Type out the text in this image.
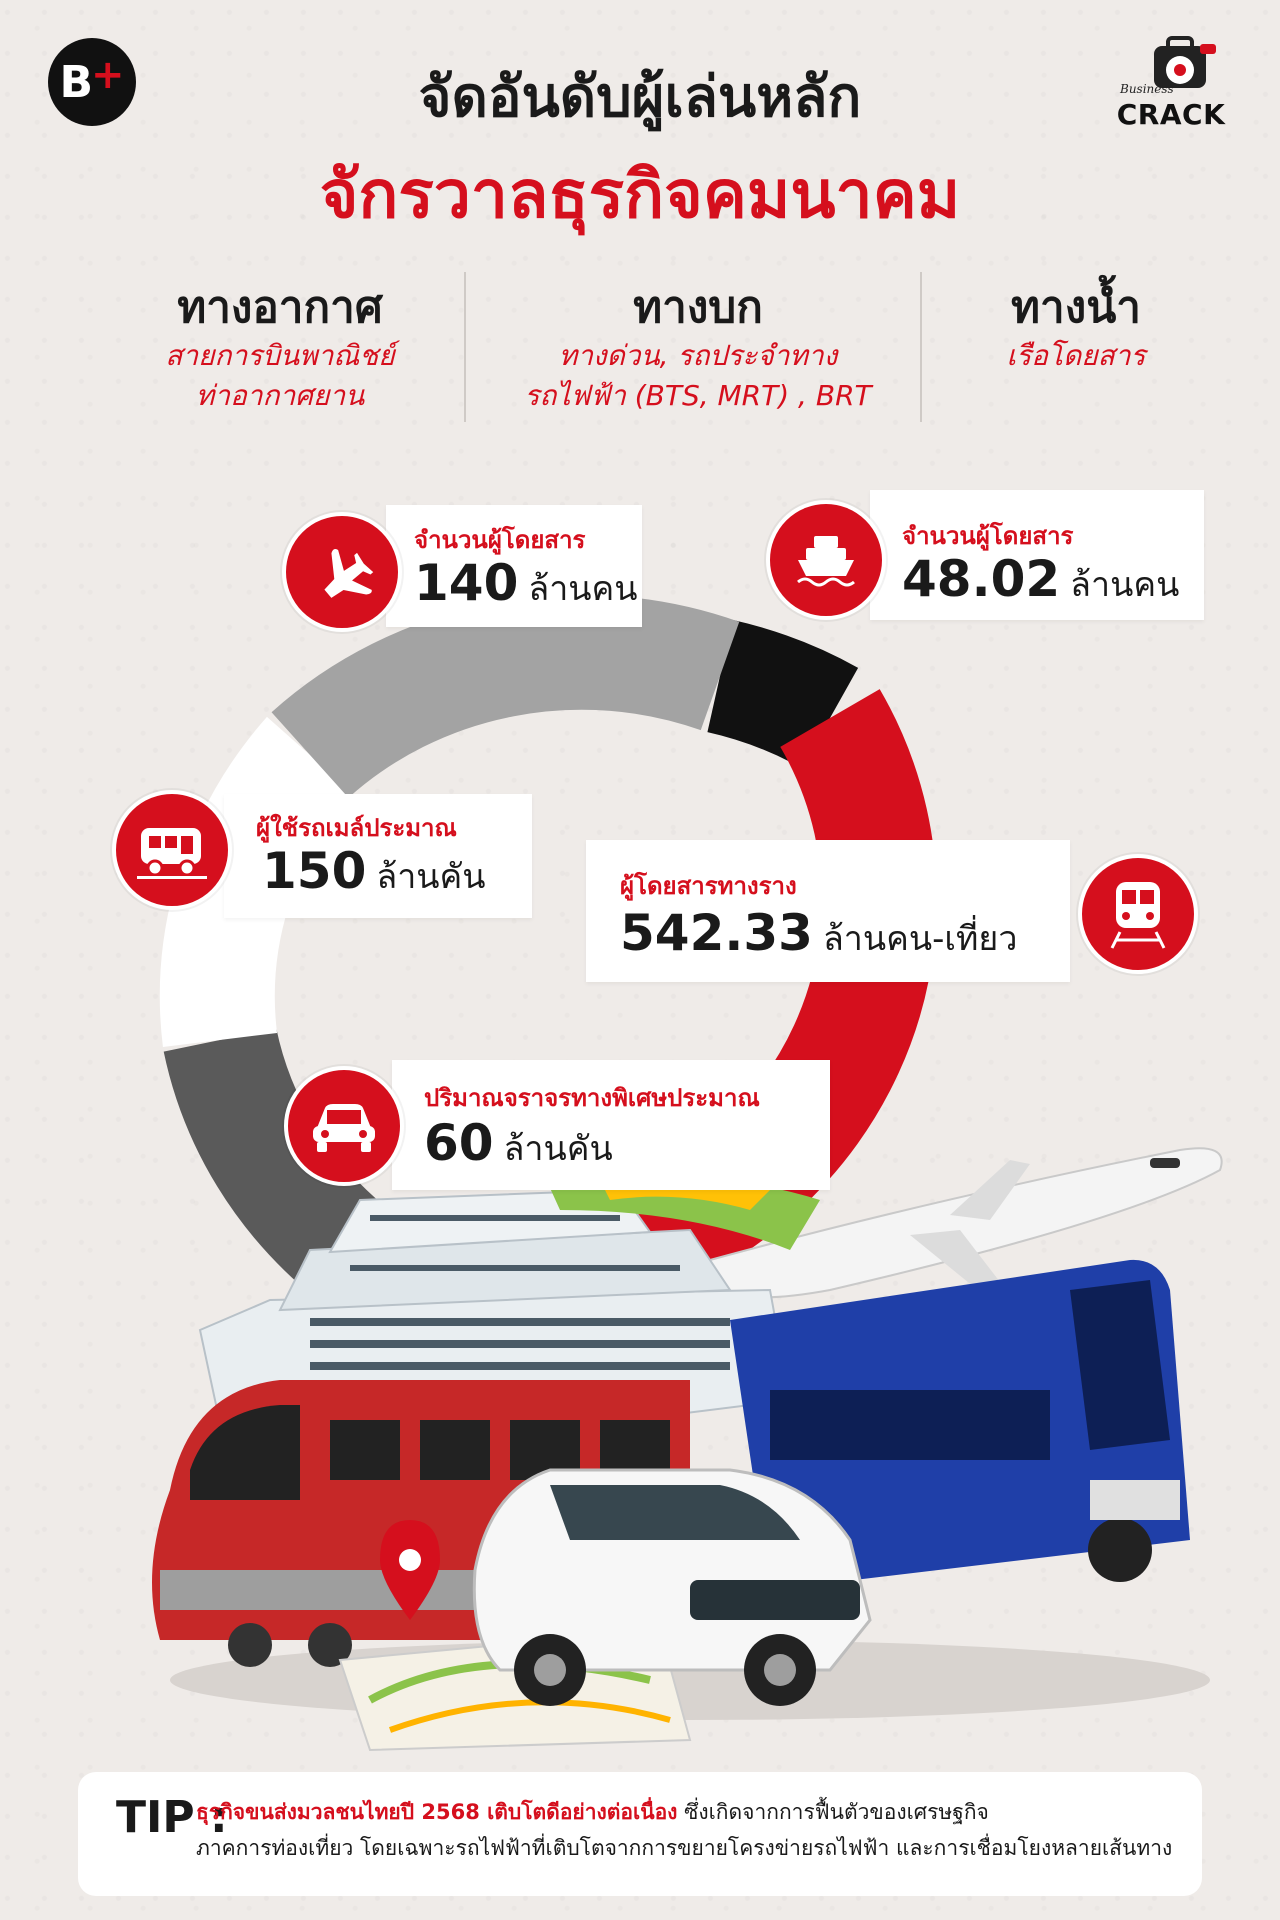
B
+	Business
CRACK
จัดอันดับผู้เล่นหลัก
จักรวาลธุรกิจคมนาคม
ทางอากาศ
สายการบินพาณิชย์
ท่าอากาศยาน
ทางบก
ทางด่วน, รถประจำทาง
รถไฟฟ้า (BTS, MRT) , BRT
ทางน้ำ
เรือโดยสาร
จำนวนผู้โดยสาร
140 ล้านคน
จำนวนผู้โดยสาร
48.02 ล้านคน
ผู้ใช้รถเมล์ประมาณ
150 ล้านคัน	ผู้โดยสารทางราง
542.33 ล้านคน-เที่ยว
ปริมาณจราจรทางพิเศษประมาณ
60 ล้านคัน
TIP :
ธุรกิจขนส่งมวลชนไทยปี 2568 เติบโตดีอย่างต่อเนื่อง ซึ่งเกิดจากการฟื้นตัวของเศรษฐกิจ
ภาคการท่องเที่ยว โดยเฉพาะรถไฟฟ้าที่เติบโตจากการขยายโครงข่ายรถไฟฟ้า และการเชื่อมโยงหลายเส้นทาง
